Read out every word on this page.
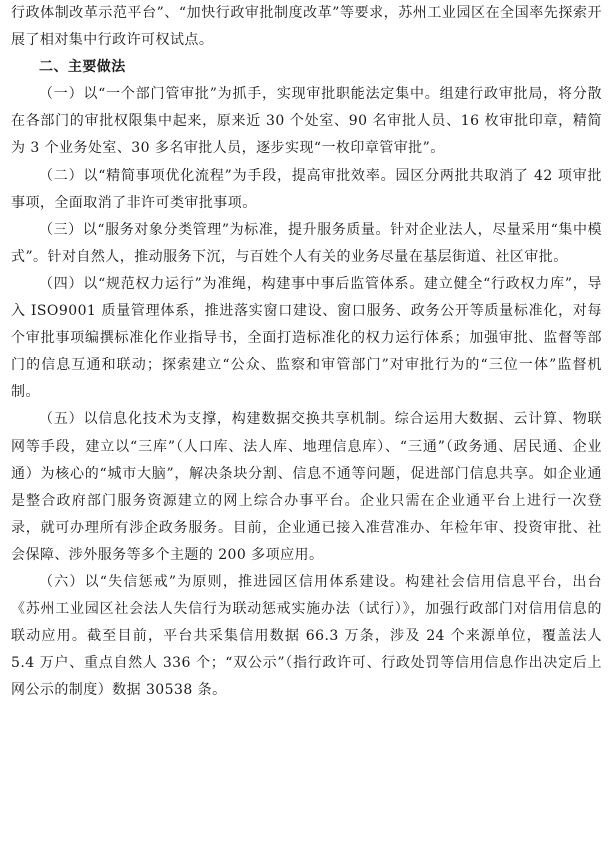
行政体制改革示范平台”、“加快行政审批制度改革”等要求，苏州工业园区在全国率先探索开展了相对集中行政许可权试点。

二、主要做法

（一）以“一个部门管审批”为抓手，实现审批职能法定集中。组建行政审批局，将分散在各部门的审批权限集中起来，原来近 30 个处室、90 名审批人员、16 枚审批印章，精简为 3 个业务处室、30 多名审批人员，逐步实现“一枚印章管审批”。

（二）以“精简事项优化流程”为手段，提高审批效率。园区分两批共取消了 42 项审批事项，全面取消了非许可类审批事项。

（三）以“服务对象分类管理”为标准，提升服务质量。针对企业法人，尽量采用“集中模式”。针对自然人，推动服务下沉，与百姓个人有关的业务尽量在基层街道、社区审批。

（四）以“规范权力运行”为准绳，构建事中事后监管体系。建立健全“行政权力库”，导入 ISO9001 质量管理体系，推进落实窗口建设、窗口服务、政务公开等质量标准化，对每个审批事项编撰标准化作业指导书，全面打造标准化的权力运行体系；加强审批、监督等部门的信息互通和联动；探索建立“公众、监察和审管部门”对审批行为的“三位一体”监督机制。

（五）以信息化技术为支撑，构建数据交换共享机制。综合运用大数据、云计算、物联网等手段，建立以“三库”（人口库、法人库、地理信息库）、“三通”（政务通、居民通、企业通）为核心的“城市大脑”，解决条块分割、信息不通等问题，促进部门信息共享。如企业通是整合政府部门服务资源建立的网上综合办事平台。企业只需在企业通平台上进行一次登录，就可办理所有涉企政务服务。目前，企业通已接入准营准办、年检年审、投资审批、社会保障、涉外服务等多个主题的 200 多项应用。

（六）以“失信惩戒”为原则，推进园区信用体系建设。构建社会信用信息平台，出台《苏州工业园区社会法人失信行为联动惩戒实施办法（试行）》，加强行政部门对信用信息的联动应用。截至目前，平台共采集信用数据 66.3 万条，涉及 24 个来源单位，覆盖法人 5.4 万户、重点自然人 336 个；“双公示”（指行政许可、行政处罚等信用信息作出决定后上网公示的制度）数据 30538 条。
